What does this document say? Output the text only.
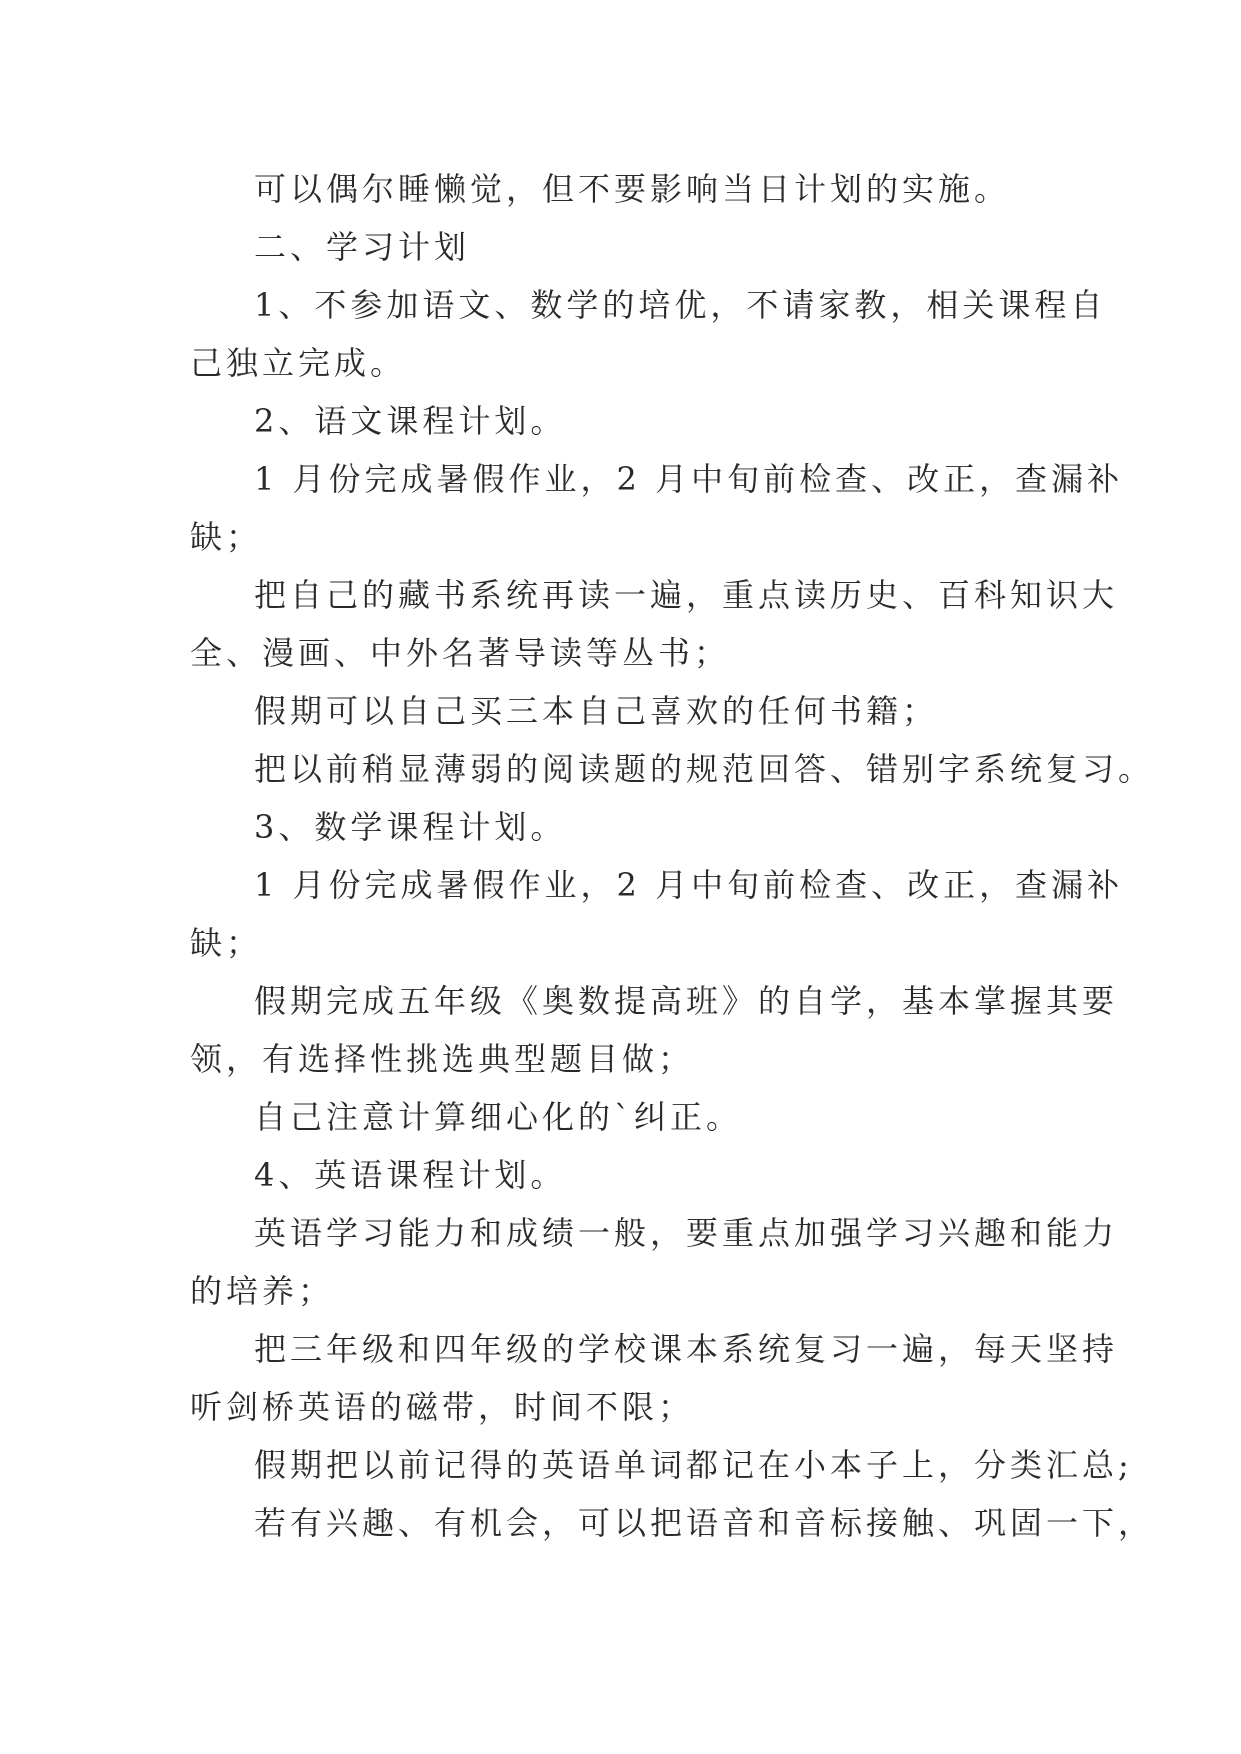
可以偶尔睡懒觉，但不要影响当日计划的实施。
二、学习计划
1、不参加语文、数学的培优，不请家教，相关课程自
己独立完成。
2、语文课程计划。
1 月份完成暑假作业，2 月中旬前检查、改正，查漏补
缺；
把自己的藏书系统再读一遍，重点读历史、百科知识大
全、漫画、中外名著导读等丛书；
假期可以自己买三本自己喜欢的任何书籍；
把以前稍显薄弱的阅读题的规范回答、错别字系统复习。
3、数学课程计划。
1 月份完成暑假作业，2 月中旬前检查、改正，查漏补
缺；
假期完成五年级《奥数提高班》的自学，基本掌握其要
领，有选择性挑选典型题目做；
自己注意计算细心化的`纠正。
4、英语课程计划。
英语学习能力和成绩一般，要重点加强学习兴趣和能力
的培养；
把三年级和四年级的学校课本系统复习一遍，每天坚持
听剑桥英语的磁带，时间不限；
假期把以前记得的英语单词都记在小本子上，分类汇总;
若有兴趣、有机会，可以把语音和音标接触、巩固一下，
